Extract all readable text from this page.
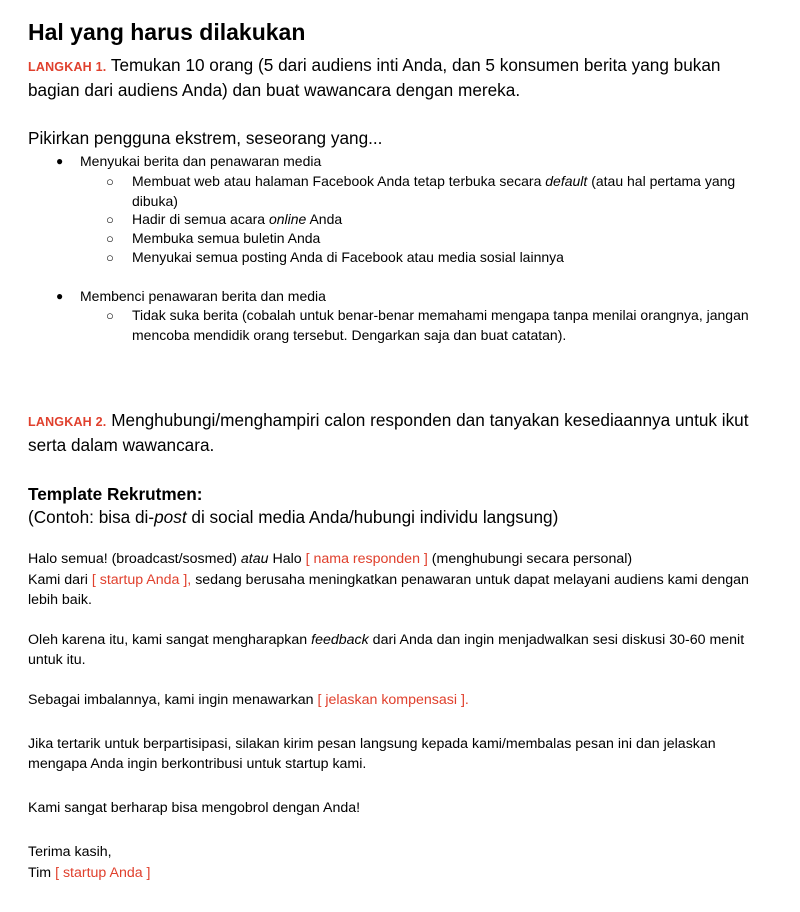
Hal yang harus dilakukan
LANGKAH 1. Temukan 10 orang (5 dari audiens inti Anda, dan 5 konsumen berita yang bukan bagian dari audiens Anda) dan buat wawancara dengan mereka.
Pikirkan pengguna ekstrem, seseorang yang...
● Menyukai berita dan penawaran media
○ Membuat web atau halaman Facebook Anda tetap terbuka secara default (atau hal pertama yang dibuka)
○ Hadir di semua acara online Anda
○ Membuka semua buletin Anda
○ Menyukai semua posting Anda di Facebook atau media sosial lainnya
● Membenci penawaran berita dan media
○ Tidak suka berita (cobalah untuk benar-benar memahami mengapa tanpa menilai orangnya, jangan mencoba mendidik orang tersebut. Dengarkan saja dan buat catatan).
LANGKAH 2. Menghubungi/menghampiri calon responden dan tanyakan kesediaannya untuk ikut serta dalam wawancara.
Template Rekrutmen:
(Contoh: bisa di-post di social media Anda/hubungi individu langsung)
Halo semua! (broadcast/sosmed) atau Halo [ nama responden ] (menghubungi secara personal)
Kami dari [ startup Anda ], sedang berusaha meningkatkan penawaran untuk dapat melayani audiens kami dengan lebih baik.
Oleh karena itu, kami sangat mengharapkan feedback dari Anda dan ingin menjadwalkan sesi diskusi 30-60 menit untuk itu.
Sebagai imbalannya, kami ingin menawarkan [ jelaskan kompensasi ].
Jika tertarik untuk berpartisipasi, silakan kirim pesan langsung kepada kami/membalas pesan ini dan jelaskan mengapa Anda ingin berkontribusi untuk startup kami.
Kami sangat berharap bisa mengobrol dengan Anda!
Terima kasih,
Tim [ startup Anda ]
